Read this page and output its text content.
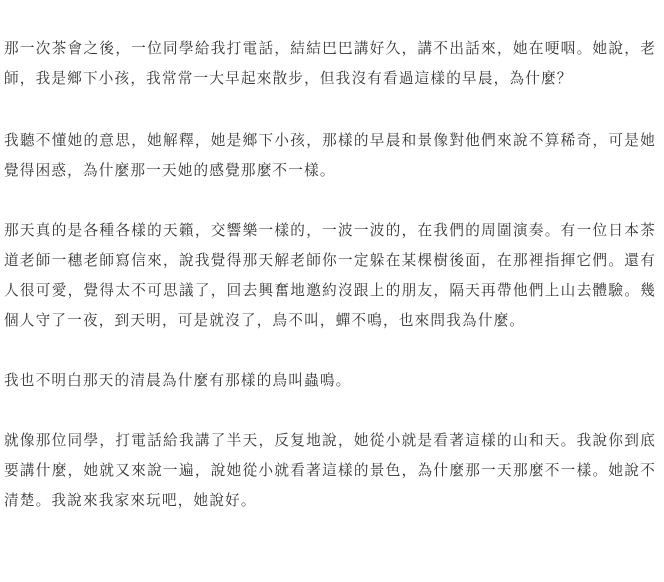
那一次茶會之後，一位同學給我打電話，結結巴巴講好久，講不出話來，她在哽咽。她說，老師，我是鄉下小孩，我常常一大早起來散步，但我沒有看過這樣的早晨，為什麼？

我聽不懂她的意思，她解釋，她是鄉下小孩，那樣的早晨和景像對他們來說不算稀奇，可是她覺得困惑，為什麼那一天她的感覺那麼不一樣。

那天真的是各種各樣的天籟，交響樂一樣的，一波一波的，在我們的周圍演奏。有一位日本茶道老師一穗老師寫信來，說我覺得那天解老師你一定躲在某棵樹後面，在那裡指揮它們。還有人很可愛，覺得太不可思議了，回去興奮地邀約沒跟上的朋友，隔天再帶他們上山去體驗。幾個人守了一夜，到天明，可是就沒了，鳥不叫，蟬不鳴，也來問我為什麼。

我也不明白那天的清晨為什麼有那樣的鳥叫蟲鳴。

就像那位同學，打電話給我講了半天，反复地說，她從小就是看著這樣的山和天。我說你到底要講什麼，她就又來說一遍，說她從小就看著這樣的景色，為什麼那一天那麼不一樣。她說不清楚。我說來我家來玩吧，她說好。
